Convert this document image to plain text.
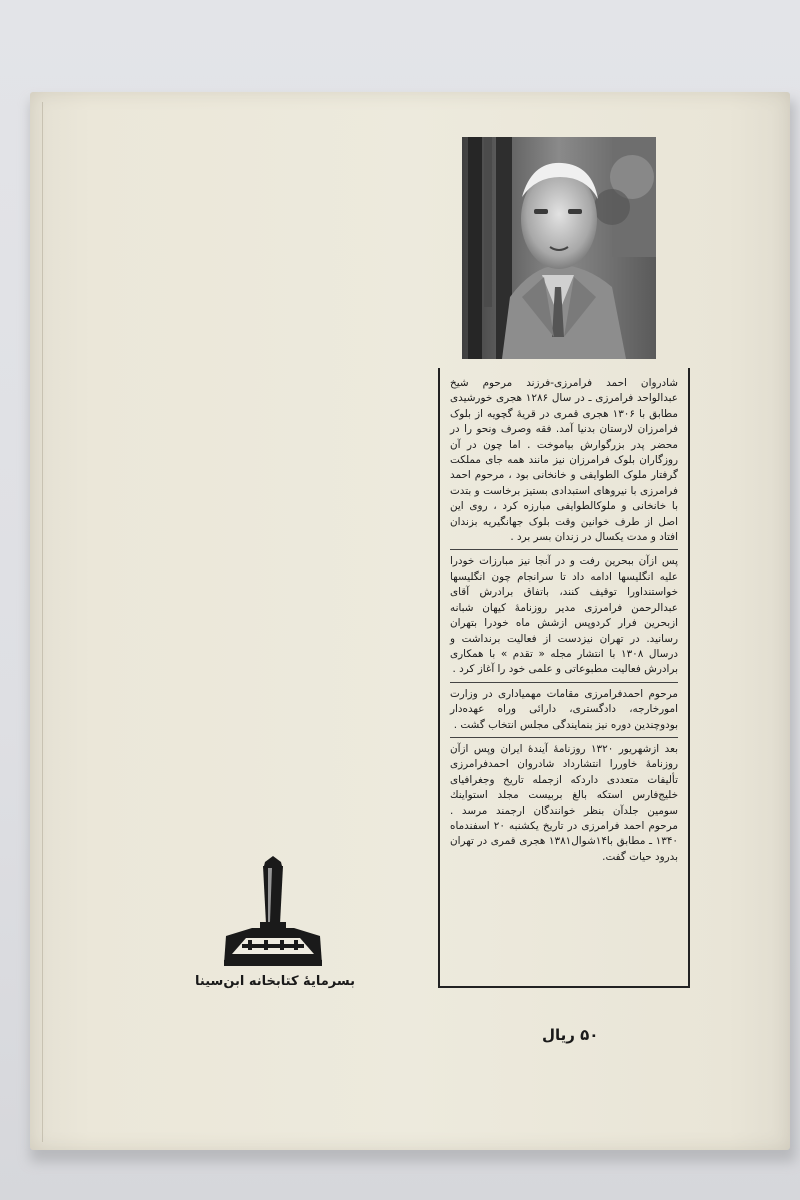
شادروان احمد فرامرزی-فرزند مرحوم شیخ عبدالواحد فرامرزی ـ در سال ۱۲۸۶ هجری خورشیدی مطابق با ۱۳۰۶ هجری قمری در قریهٔ گچویه از بلوک فرامرزان لارستان بدنیا آمد. فقه وصرف ونحو را در محضر پدر بزرگوارش بیاموخت . اما چون در آن روزگاران بلوک فرامرزان نیز مانند همه جای مملکت گرفتار ملوک الطوایفی و خانخانی بود ، مرحوم احمد فرامرزی با نیروهای استبدادی بستیز برخاست و بتدت با خانخانی و ملوکالطوایفی مبارزه کرد ، روی این اصل از طرف خوانین وقت بلوک جهانگیریه بزندان افتاد و مدت یکسال در زندان بسر برد .

پس ازآن ببحرین رفت و در آنجا نیز مبارزات خودرا علیه انگلیسها ادامه داد تا سرانجام چون انگلیسها خواستنداورا توقیف کنند، باتفاق برادرش آقای عبدالرحمن فرامرزی مدیر روزنامهٔ کیهان شبانه ازبحرین فرار کردوپس ازشش ماه خودرا بتهران رسانید. در تهران نیزدست از فعالیت برنداشت و درسال ۱۳۰۸ با انتشار مجله « تقدم » با همکاری برادرش فعالیت مطبوعاتی و علمی خود را آغاز کرد .

مرحوم احمدفرامرزی مقامات مهمیاداری در وزارت امورخارجه، دادگستری، دارائی وراه عهده‌دار بودوچندین دوره نیز بنمایندگی مجلس انتخاب گشت .

بعد ازشهریور ۱۳۲۰ روزنامهٔ آیندهٔ ایران وپس ازآن روزنامهٔ خاوررا انتشارداد شادروان احمدفرامرزی تألیفات متعددی داردکه ازجمله تاریخ وجغرافیای خلیج‌فارس استکه بالغ بربیست مجلد استواینك سومین جلدآن بنظر خوانندگان ارجمند مرسد . مرحوم احمد فرامرزی در تاریخ یکشنبه ۲۰ اسفندماه ۱۳۴۰ ـ مطابق با۱۴شوال۱۳۸۱ هجری قمری در تهران بدرود حیات گفت.

۵۰ ریال
بسرمایهٔ کتابخانه ابن‌سینا
